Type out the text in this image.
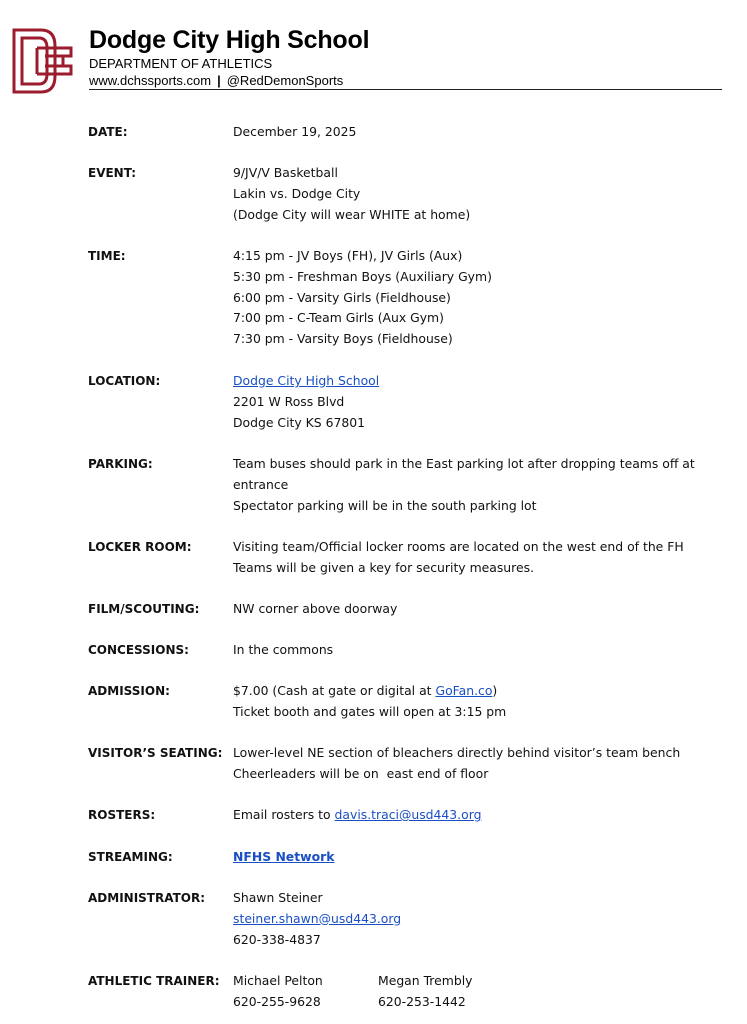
Dodge City High School
DEPARTMENT OF ATHLETICS
www.dchssports.com | @RedDemonSports
DATE:	December 19, 2025
EVENT:	9/JV/V Basketball
Lakin vs. Dodge City
(Dodge City will wear WHITE at home)
TIME:	4:15 pm - JV Boys (FH), JV Girls (Aux)
5:30 pm - Freshman Boys (Auxiliary Gym)
6:00 pm - Varsity Girls (Fieldhouse)
7:00 pm - C-Team Girls (Aux Gym)
7:30 pm - Varsity Boys (Fieldhouse)
LOCATION:	Dodge City High School
2201 W Ross Blvd
Dodge City KS 67801
PARKING:	Team buses should park in the East parking lot after dropping teams off at entrance
Spectator parking will be in the south parking lot
LOCKER ROOM:	Visiting team/Official locker rooms are located on the west end of the FH
Teams will be given a key for security measures.
FILM/SCOUTING:	NW corner above doorway
CONCESSIONS:	In the commons
ADMISSION:	$7.00 (Cash at gate or digital at GoFan.co)
Ticket booth and gates will open at 3:15 pm
VISITOR’S SEATING: Lower-level NE section of bleachers directly behind visitor’s team bench
Cheerleaders will be on  east end of floor
ROSTERS:	Email rosters to davis.traci@usd443.org
STREAMING:	NFHS Network
ADMINISTRATOR:	Shawn Steiner
steiner.shawn@usd443.org
620-338-4837
ATHLETIC TRAINER:	Michael Pelton
620-255-9628
Megan Trembly
620-253-1442
